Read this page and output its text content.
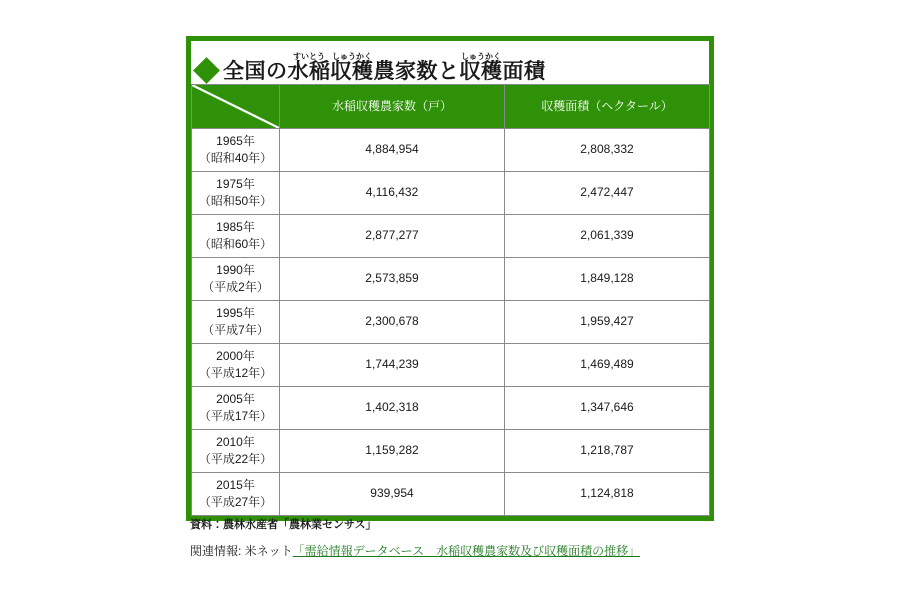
全国の水稲すいとう収穫しゅうかく農家数と収穫しゅうかく面積
	水稲収穫農家数（戸）	収穫面積（ヘクタール）

1965年
（昭和40年）	4,884,954	2,808,332

1975年
（昭和50年）	4,116,432	2,472,447

1985年
（昭和60年）	2,877,277	2,061,339

1990年
（平成2年）	2,573,859	1,849,128

1995年
（平成7年）	2,300,678	1,959,427

2000年
（平成12年）	1,744,239	1,469,489

2005年
（平成17年）	1,402,318	1,347,646

2010年
（平成22年）	1,159,282	1,218,787

2015年
（平成27年）	939,954	1,124,818
資料：農林水産省「農林業センサス」
関連情報: 米ネット「需給情報データベース　水稲収穫農家数及び収穫面積の推移」
